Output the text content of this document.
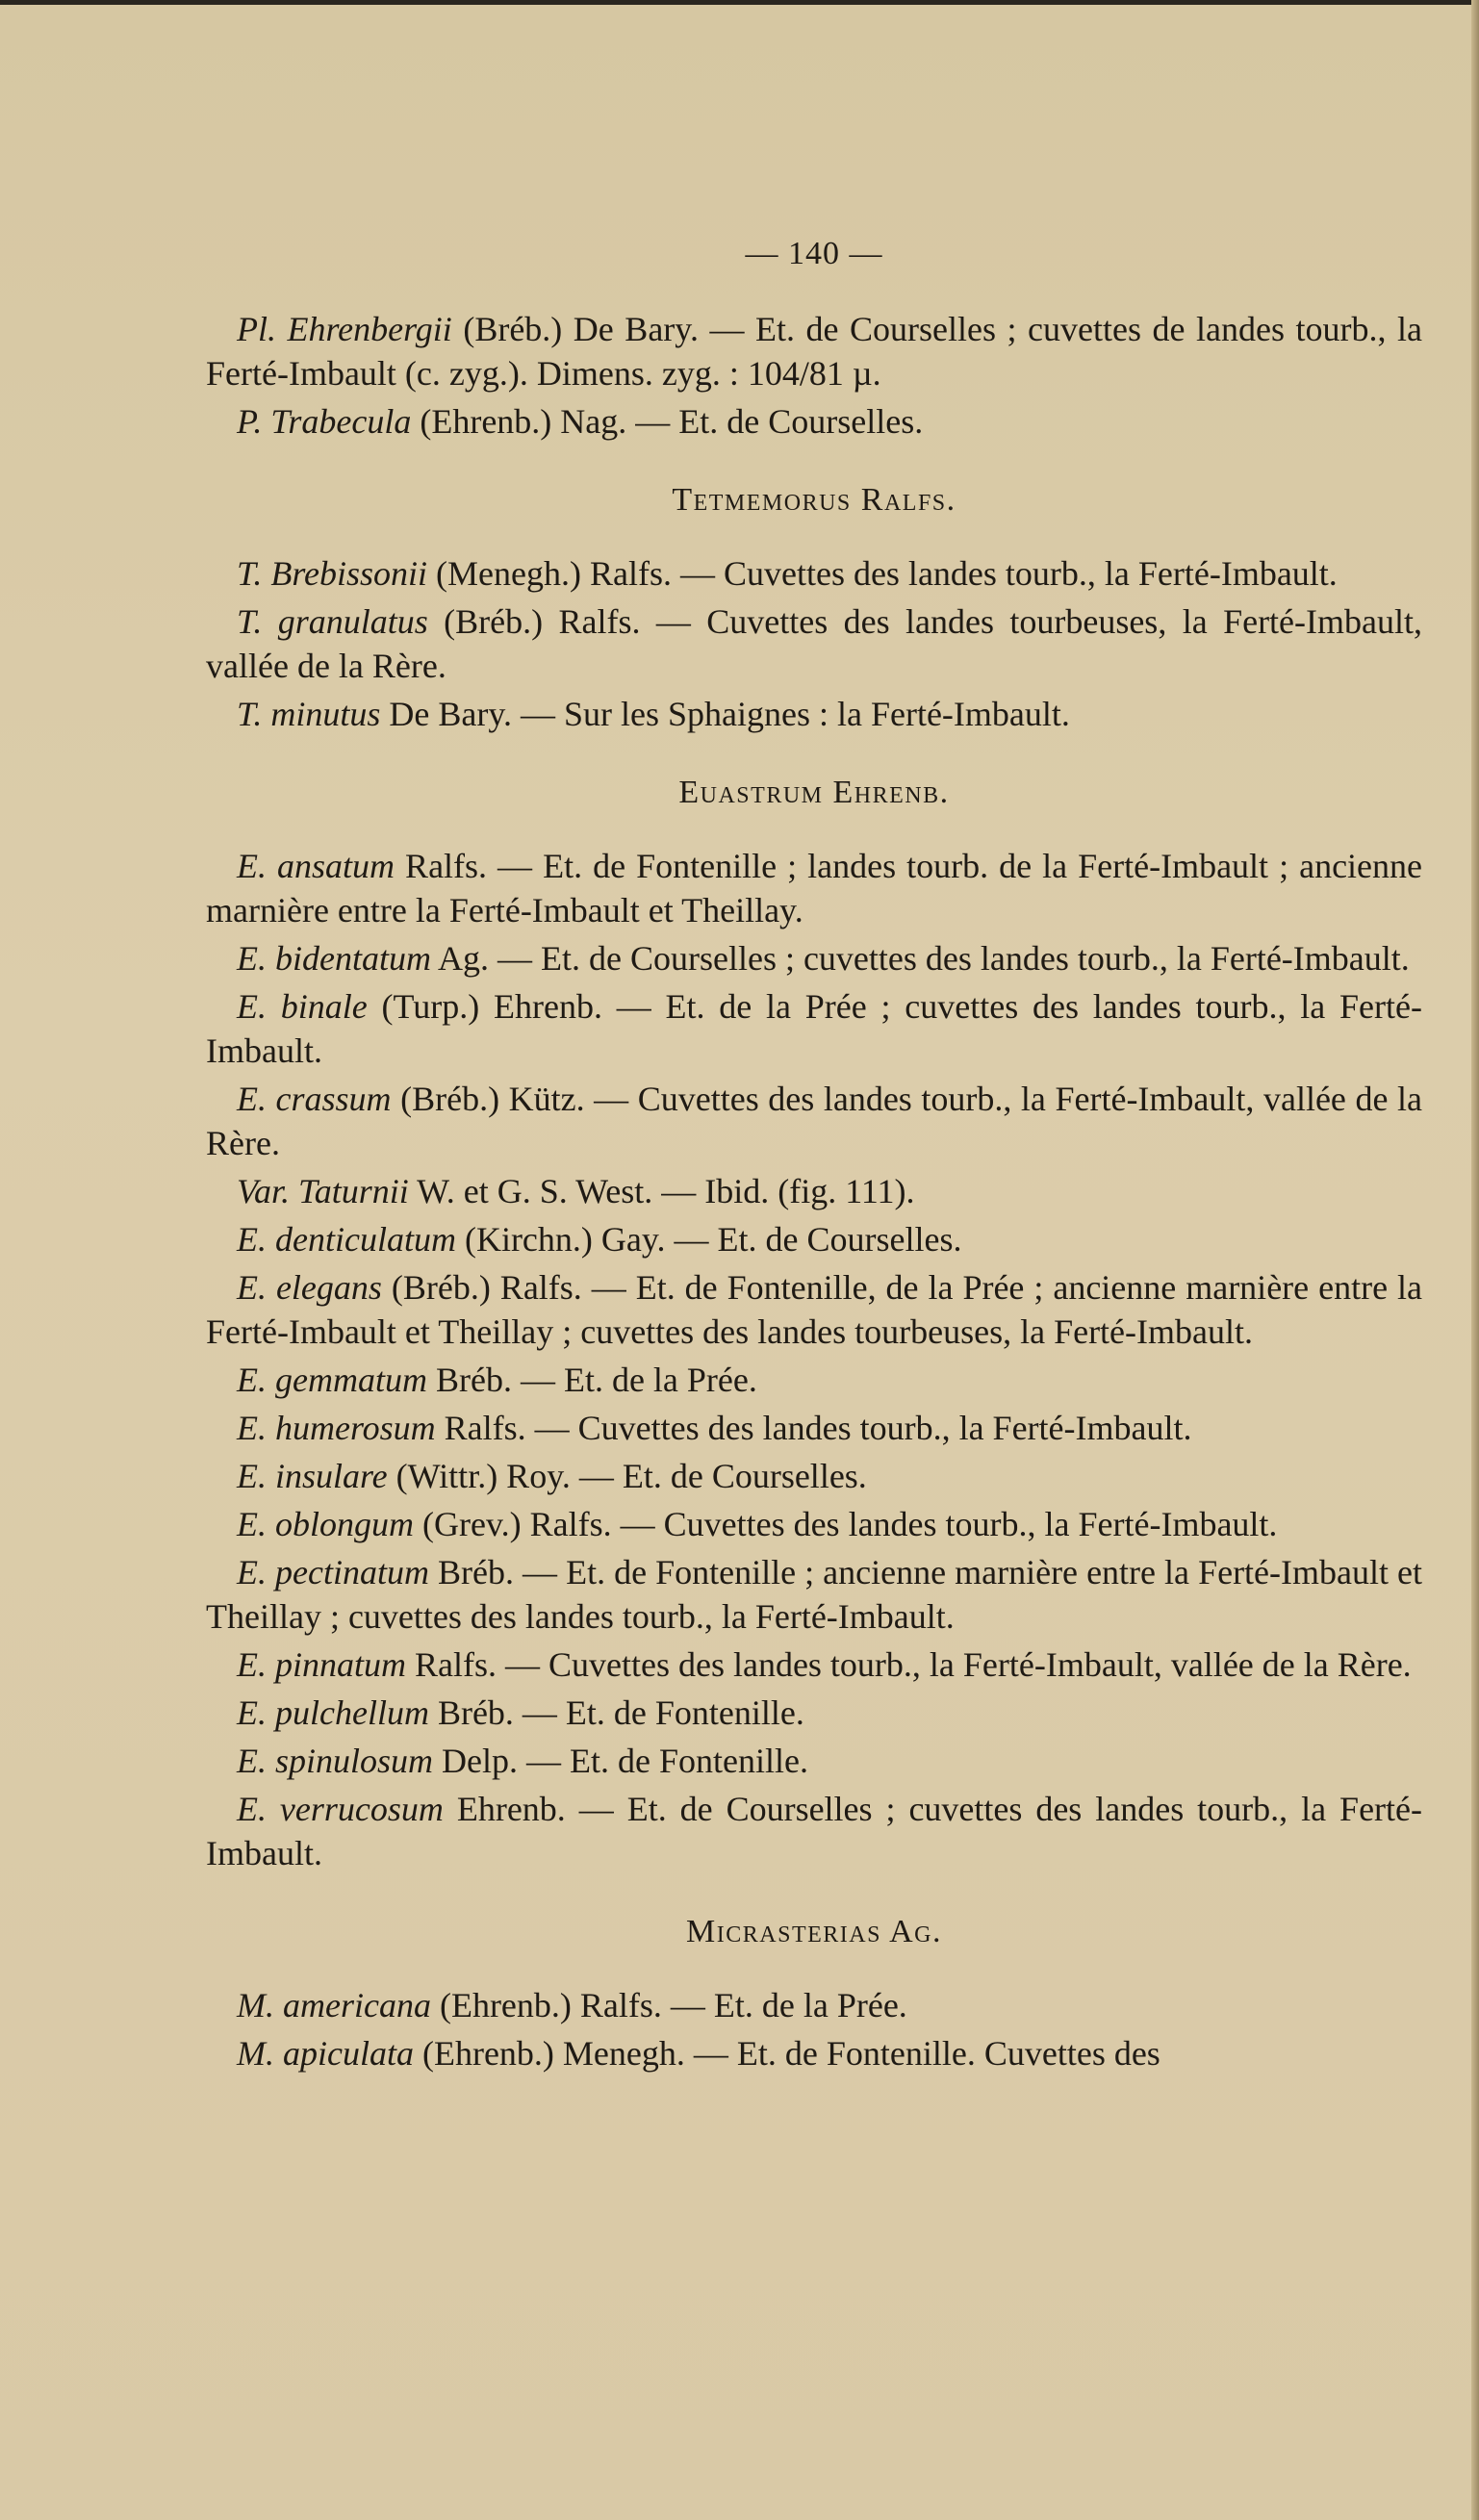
— 140 —

Pl. Ehrenbergii (Bréb.) De Bary. — Et. de Courselles ; cuvettes de landes tourb., la Ferté-Imbault (c. zyg.). Dimens. zyg. : 104/81 µ.

P. Trabecula (Ehrenb.) Nag. — Et. de Courselles.

Tetmemorus Ralfs.

T. Brebissonii (Menegh.) Ralfs. — Cuvettes des landes tourb., la Ferté-Imbault.

T. granulatus (Bréb.) Ralfs. — Cuvettes des landes tourbeuses, la Ferté-Imbault, vallée de la Rère.

T. minutus De Bary. — Sur les Sphaignes : la Ferté-Imbault.

Euastrum Ehrenb.

E. ansatum Ralfs. — Et. de Fontenille ; landes tourb. de la Ferté-Imbault ; ancienne marnière entre la Ferté-Imbault et Theillay.

E. bidentatum Ag. — Et. de Courselles ; cuvettes des landes tourb., la Ferté-Imbault.

E. binale (Turp.) Ehrenb. — Et. de la Prée ; cuvettes des landes tourb., la Ferté-Imbault.

E. crassum (Bréb.) Kütz. — Cuvettes des landes tourb., la Ferté-Imbault, vallée de la Rère.

Var. Taturnii W. et G. S. West. — Ibid. (fig. 111).

E. denticulatum (Kirchn.) Gay. — Et. de Courselles.

E. elegans (Bréb.) Ralfs. — Et. de Fontenille, de la Prée ; ancienne marnière entre la Ferté-Imbault et Theillay ; cuvettes des landes tourbeuses, la Ferté-Imbault.

E. gemmatum Bréb. — Et. de la Prée.

E. humerosum Ralfs. — Cuvettes des landes tourb., la Ferté-Imbault.

E. insulare (Wittr.) Roy. — Et. de Courselles.

E. oblongum (Grev.) Ralfs. — Cuvettes des landes tourb., la Ferté-Imbault.

E. pectinatum Bréb. — Et. de Fontenille ; ancienne marnière entre la Ferté-Imbault et Theillay ; cuvettes des landes tourb., la Ferté-Imbault.

E. pinnatum Ralfs. — Cuvettes des landes tourb., la Ferté-Imbault, vallée de la Rère.

E. pulchellum Bréb. — Et. de Fontenille.

E. spinulosum Delp. — Et. de Fontenille.

E. verrucosum Ehrenb. — Et. de Courselles ; cuvettes des landes tourb., la Ferté-Imbault.

Micrasterias Ag.

M. americana (Ehrenb.) Ralfs. — Et. de la Prée.

M. apiculata (Ehrenb.) Menegh. — Et. de Fontenille. Cuvettes des
